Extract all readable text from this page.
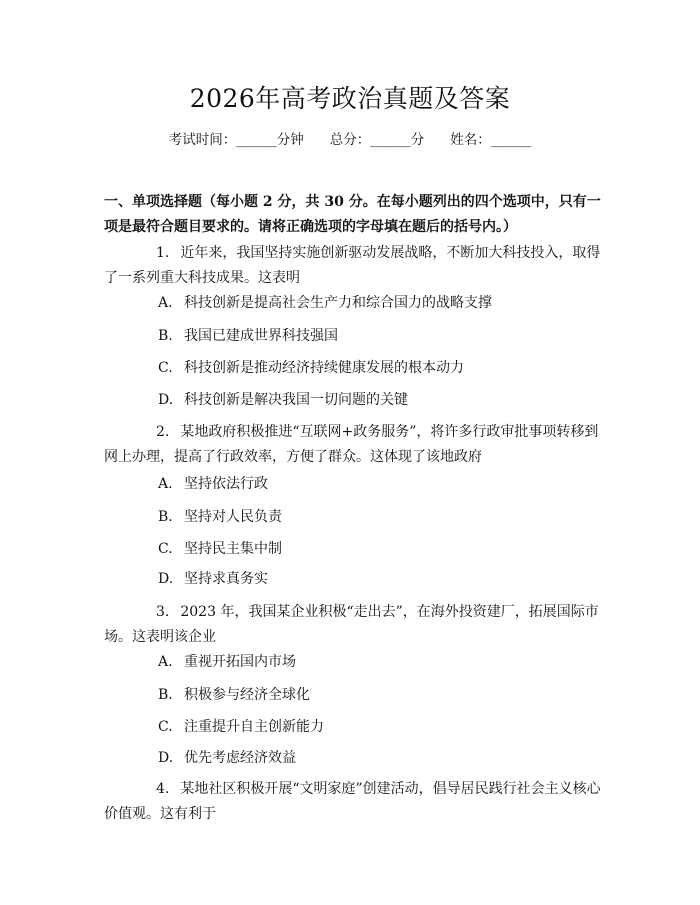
2026年高考政治真题及答案
考试时间：______分钟 总分：______分 姓名：______

一、单项选择题（每小题 2 分，共 30 分。在每小题列出的四个选项中，只有一项是最符合题目要求的。请将正确选项的字母填在题后的括号内。）

1. 近年来，我国坚持实施创新驱动发展战略，不断加大科技投入，取得了一系列重大科技成果。这表明

A. 科技创新是提高社会生产力和综合国力的战略支撑

B. 我国已建成世界科技强国

C. 科技创新是推动经济持续健康发展的根本动力

D. 科技创新是解决我国一切问题的关键

2. 某地政府积极推进“互联网+政务服务”，将许多行政审批事项转移到网上办理，提高了行政效率，方便了群众。这体现了该地政府

A. 坚持依法行政

B. 坚持对人民负责

C. 坚持民主集中制

D. 坚持求真务实

3. 2023 年，我国某企业积极“走出去”，在海外投资建厂，拓展国际市场。这表明该企业

A. 重视开拓国内市场

B. 积极参与经济全球化

C. 注重提升自主创新能力

D. 优先考虑经济效益

4. 某地社区积极开展“文明家庭”创建活动，倡导居民践行社会主义核心价值观。这有利于
